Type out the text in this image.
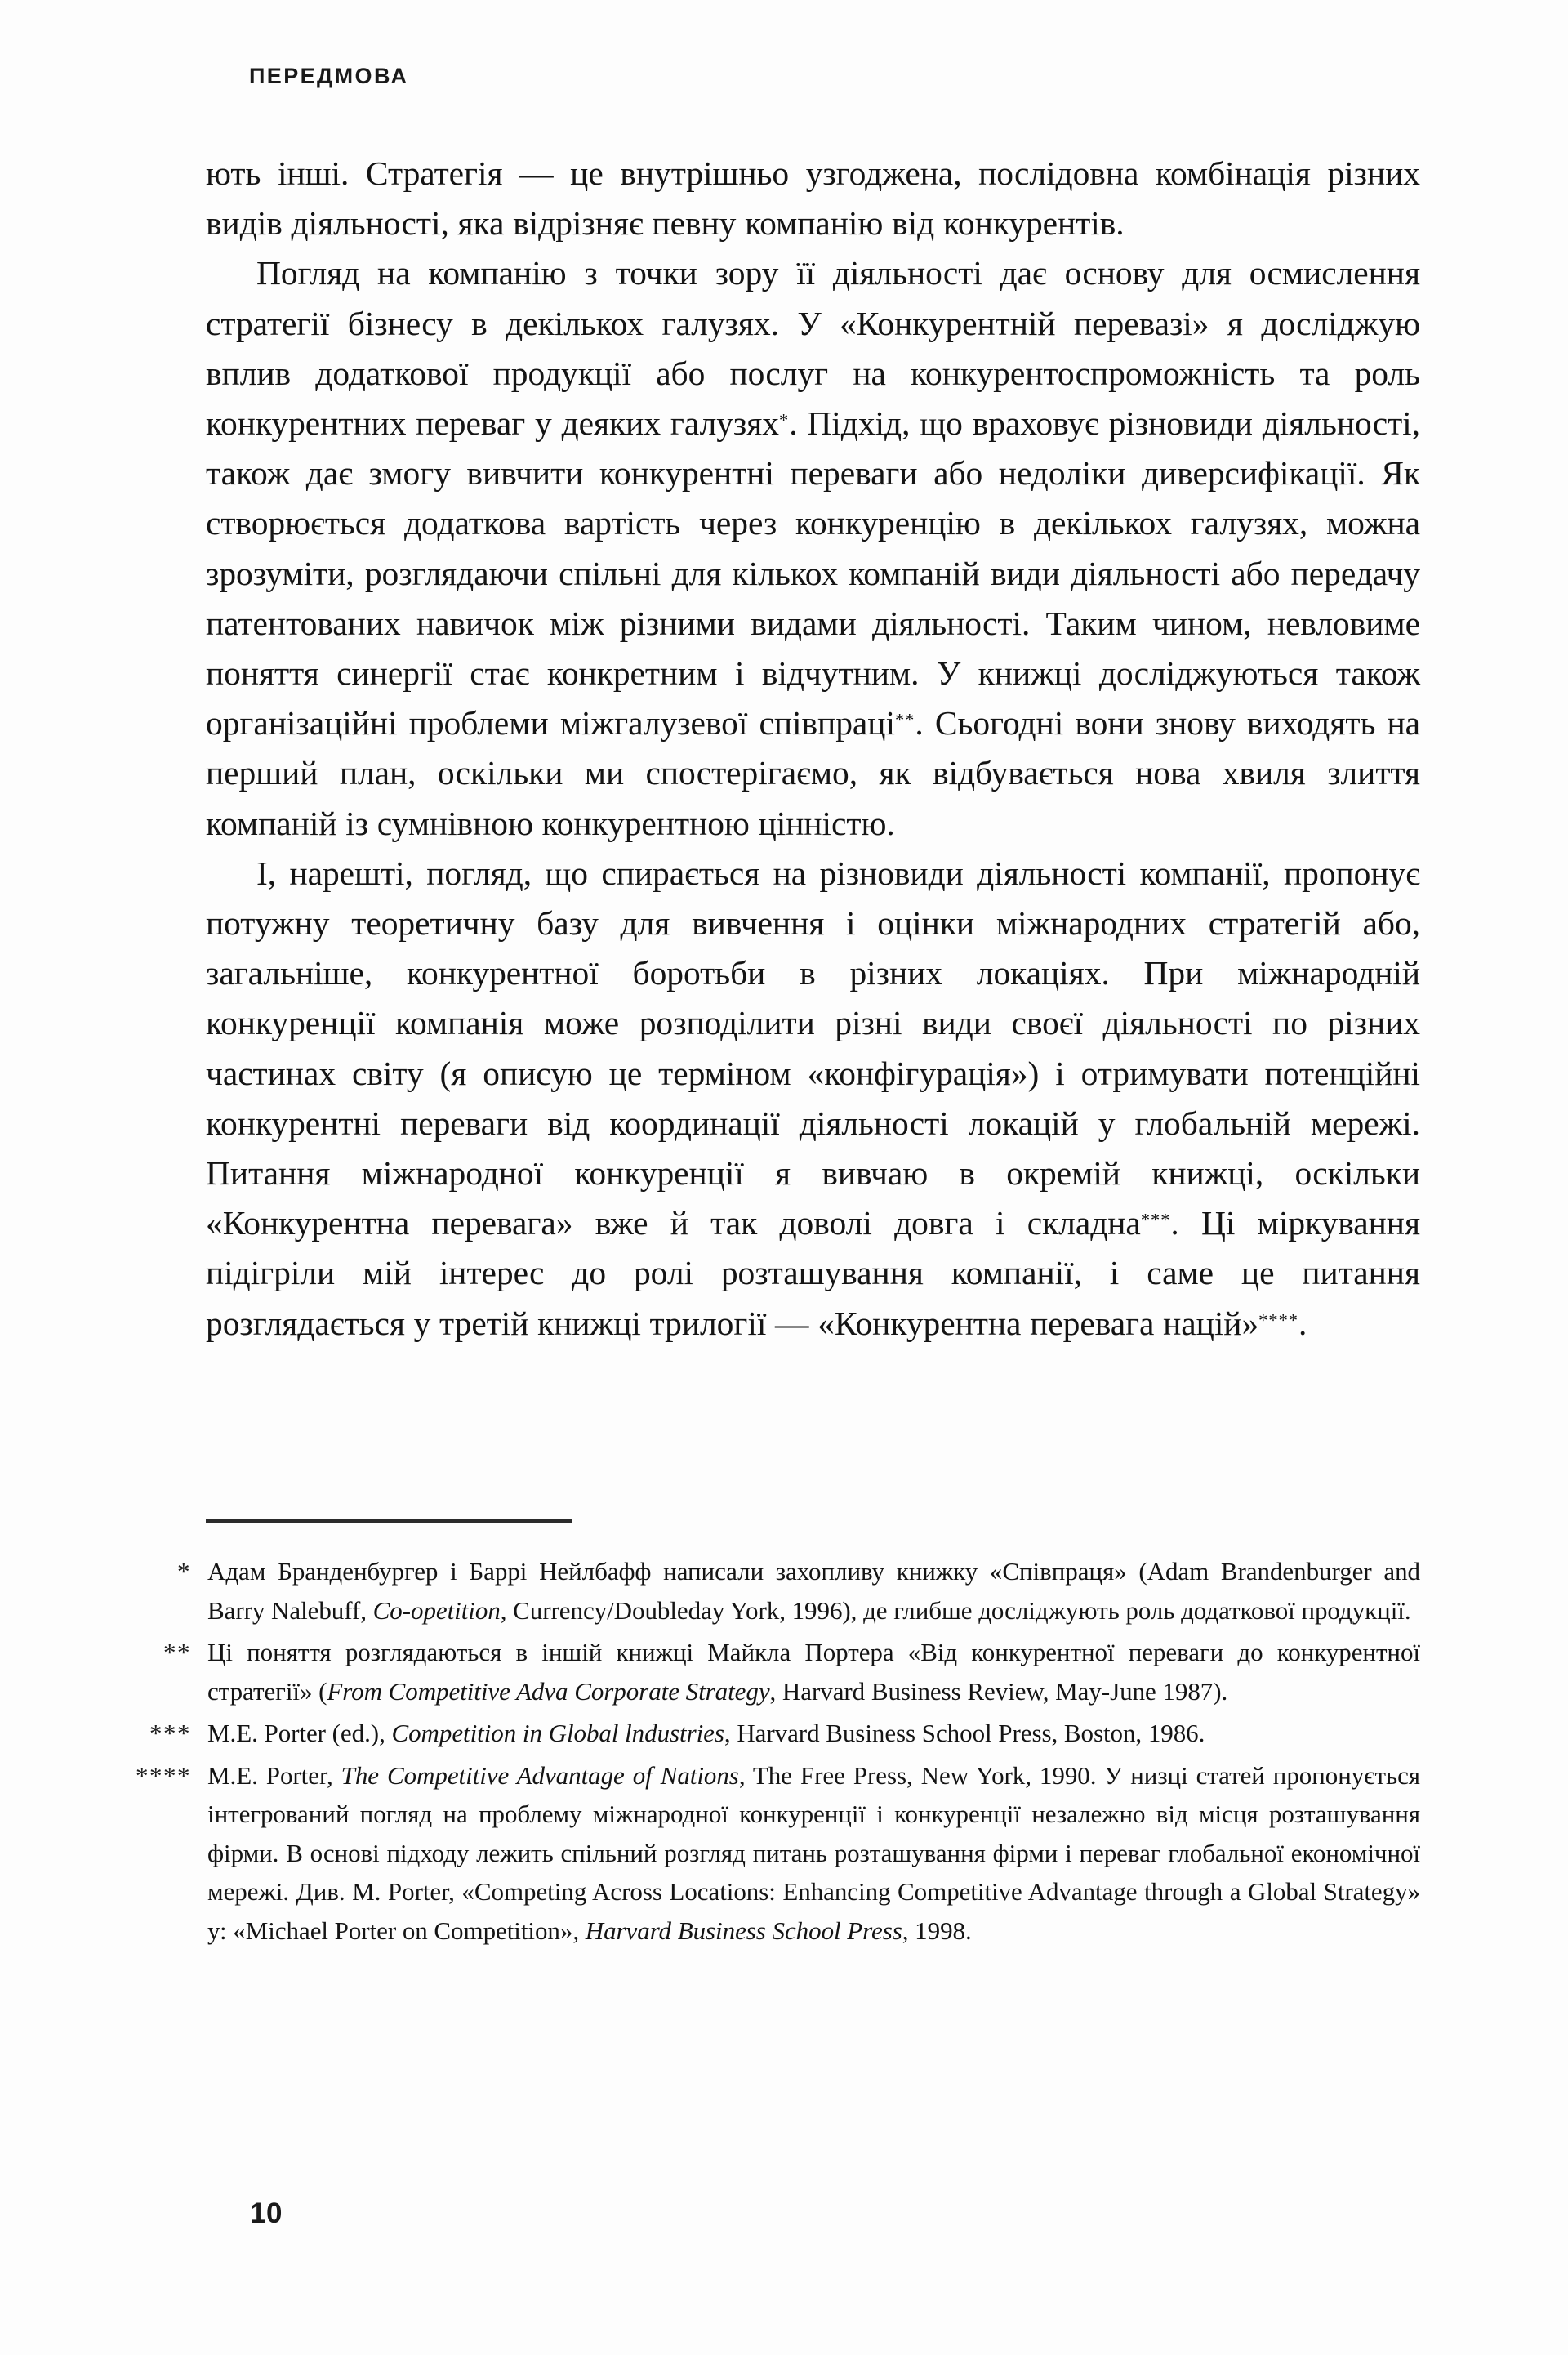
ПЕРЕДМОВА

ють інші. Стратегія — це внутрішньо узгоджена, послідовна комбінація різних видів діяльності, яка відрізняє певну компанію від конкурентів.

Погляд на компанію з точки зору її діяльності дає основу для осмислення стратегії бізнесу в декількох галузях. У «Конкурентній перевазі» я досліджую вплив додаткової продукції або послуг на конкурентоспроможність та роль конкурентних переваг у деяких галузях*. Підхід, що враховує різновиди діяльності, також дає змогу вивчити конкурентні переваги або недоліки диверсифікації. Як створюється додаткова вартість через конкуренцію в декількох галузях, можна зрозуміти, розглядаючи спільні для кількох компаній види діяльності або передачу патентованих навичок між різними видами діяльності. Таким чином, невловиме поняття синергії стає конкретним і відчутним. У книжці досліджуються також організаційні проблеми міжгалузевої співпраці**. Сьогодні вони знову виходять на перший план, оскільки ми спостерігаємо, як відбувається нова хвиля злиття компаній із сумнівною конкурентною цінністю.

І, нарешті, погляд, що спирається на різновиди діяльності компанії, пропонує потужну теоретичну базу для вивчення і оцінки міжнародних стратегій або, загальніше, конкурентної боротьби в різних локаціях. При міжнародній конкуренції компанія може розподілити різні види своєї діяльності по різних частинах світу (я описую це терміном «конфігурація») і отримувати потенційні конкурентні переваги від координації діяльності локацій у глобальній мережі. Питання міжнародної конкуренції я вивчаю в окремій книжці, оскільки «Конкурентна перевага» вже й так доволі довга і складна***. Ці міркування підігріли мій інтерес до ролі розташування компанії, і саме це питання розглядається у третій книжці трилогії — «Конкурентна перевага націй»****.

* Адам Бранденбургер і Баррі Нейлбафф написали захопливу книжку «Співпраця» (Adam Brandenburger and Barry Nalebuff, Co-opetition, Currency/Doubleday York, 1996), де глибше досліджують роль додаткової продукції.
** Ці поняття розглядаються в іншій книжці Майкла Портера «Від конкурентної переваги до конкурентної стратегії» (From Competitive Adva Corporate Strategy, Harvard Business Review, May-June 1987).
*** M.E. Porter (ed.), Competition in Global lndustries, Harvard Business School Press, Boston, 1986.
**** M.E. Porter, The Competitive Advantage of Nations, The Free Press, New York, 1990. У низці статей пропонується інтегрований погляд на проблему міжнародної конкуренції і конкуренції незалежно від місця розташування фірми. В основі підходу лежить спільний розгляд питань розташування фірми і переваг глобальної економічної мережі. Див. M. Porter, «Competing Across Locations: Enhancing Competitive Advantage through a Global Strategy» у: «Michael Porter on Competition», Harvard Business School Press, 1998.
10
